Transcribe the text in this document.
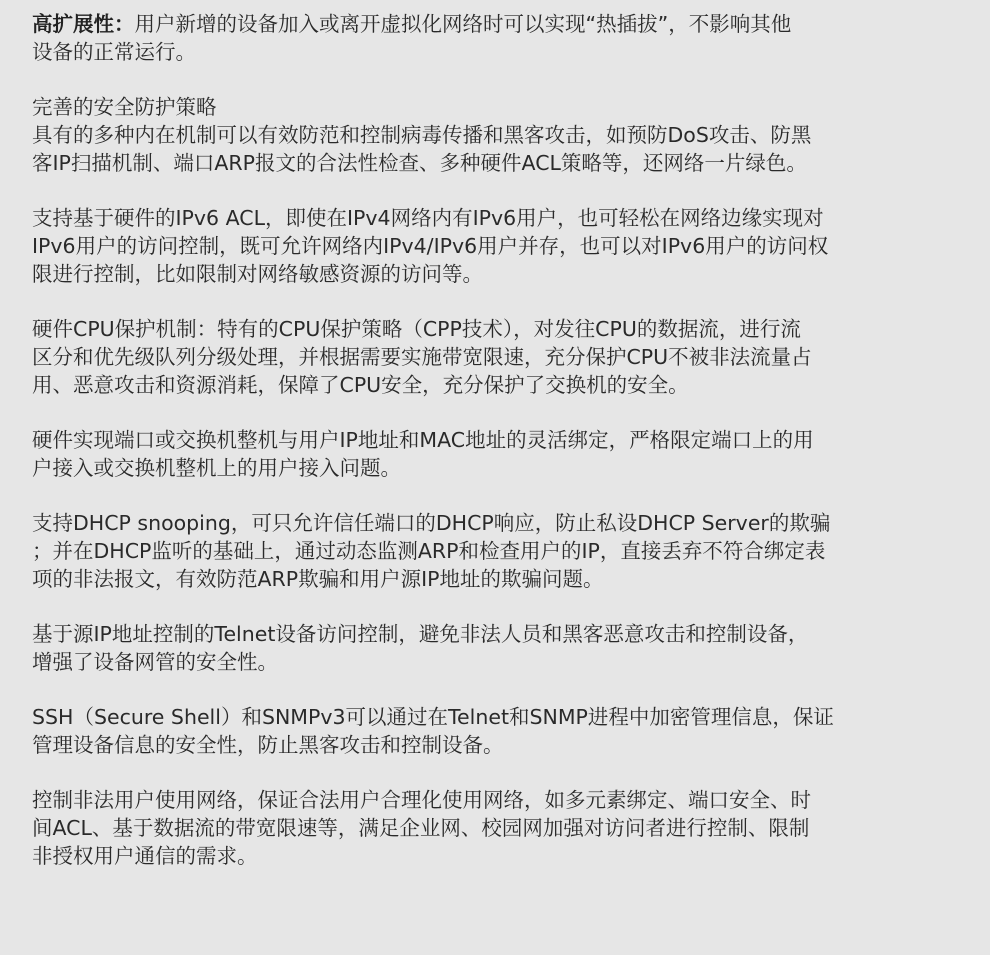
高扩展性：用户新增的设备加入或离开虚拟化网络时可以实现“热插拔”，不影响其他
设备的正常运行。

完善的安全防护策略
具有的多种内在机制可以有效防范和控制病毒传播和黑客攻击，如预防DoS攻击、防黑
客IP扫描机制、端口ARP报文的合法性检查、多种硬件ACL策略等，还网络一片绿色。

支持基于硬件的IPv6 ACL，即使在IPv4网络内有IPv6用户，也可轻松在网络边缘实现对
IPv6用户的访问控制，既可允许网络内IPv4/IPv6用户并存，也可以对IPv6用户的访问权
限进行控制，比如限制对网络敏感资源的访问等。

硬件CPU保护机制：特有的CPU保护策略（CPP技术），对发往CPU的数据流，进行流
区分和优先级队列分级处理，并根据需要实施带宽限速，充分保护CPU不被非法流量占
用、恶意攻击和资源消耗，保障了CPU安全，充分保护了交换机的安全。

硬件实现端口或交换机整机与用户IP地址和MAC地址的灵活绑定，严格限定端口上的用
户接入或交换机整机上的用户接入问题。

支持DHCP snooping，可只允许信任端口的DHCP响应，防止私设DHCP Server的欺骗
；并在DHCP监听的基础上，通过动态监测ARP和检查用户的IP，直接丢弃不符合绑定表
项的非法报文，有效防范ARP欺骗和用户源IP地址的欺骗问题。

基于源IP地址控制的Telnet设备访问控制，避免非法人员和黑客恶意攻击和控制设备，
增强了设备网管的安全性。

SSH（Secure Shell）和SNMPv3可以通过在Telnet和SNMP进程中加密管理信息，保证
管理设备信息的安全性，防止黑客攻击和控制设备。

控制非法用户使用网络，保证合法用户合理化使用网络，如多元素绑定、端口安全、时
间ACL、基于数据流的带宽限速等，满足企业网、校园网加强对访问者进行控制、限制
非授权用户通信的需求。
